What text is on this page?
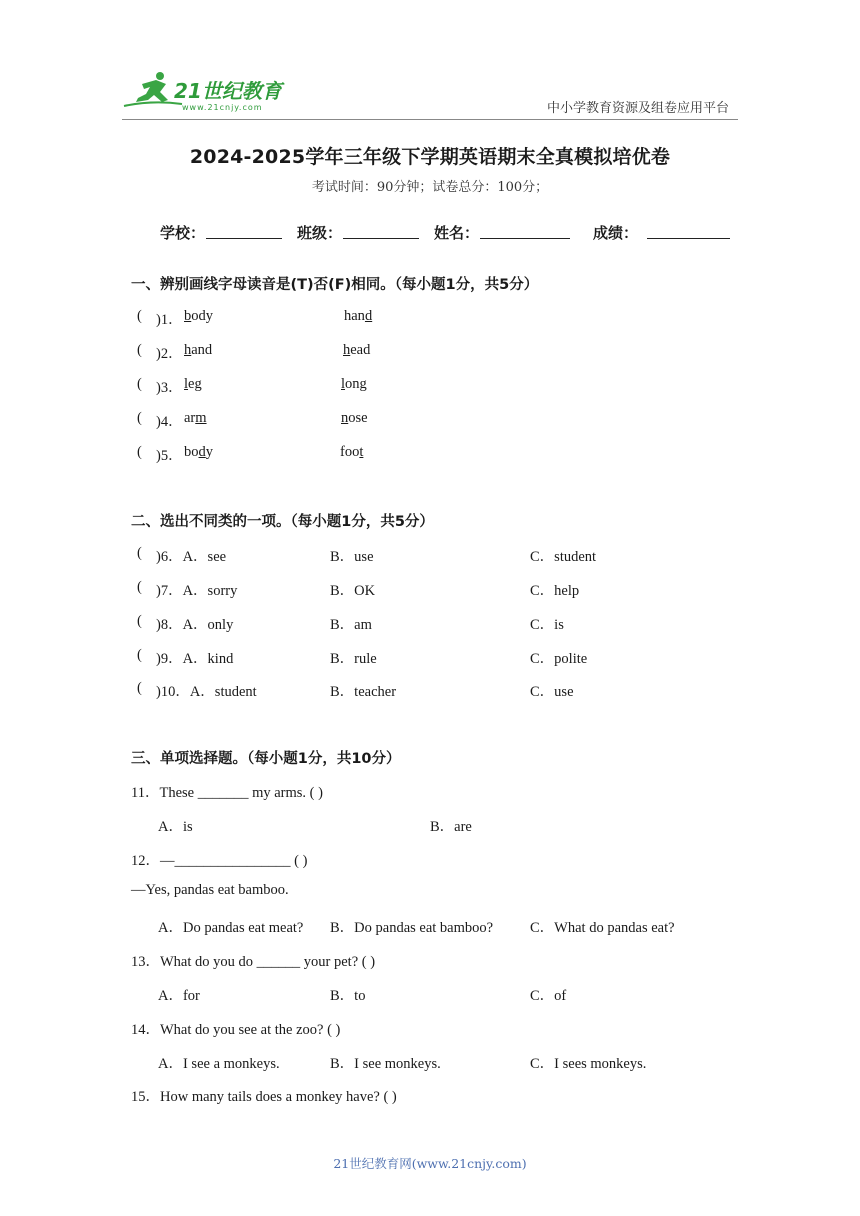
21世纪教育
www.21cnjy.com	中小学教育资源及组卷应用平台
2024-2025学年三年级下学期英语期末全真模拟培优卷
考试时间：90分钟；试卷总分：100分；
学校：	班级：	姓名：	成绩：
一、辨别画线字母读音是(T)否(F)相同。（每小题1分，共5分）
( )1． body	hand
( )2． hand	head
( )3． leg	long
( )4． arm	nose
( )5． body	foot
二、选出不同类的一项。（每小题1分，共5分）
( )6．A．see	B．use	C．student
( )7．A．sorry	B．OK	C．help
( )8．A．only	B．am	C．is
( )9．A．kind	B．rule	C．polite
( )10．A．student	B．teacher	C．use
三、单项选择题。（每小题1分，共10分）
11．These _______ my arms. ( )
A．is	B．are
12．—________________ ( )
—Yes, pandas eat bamboo.
A．Do pandas eat meat? B．Do pandas eat bamboo?	C．What do pandas eat?
13．What do you do ______ your pet? ( )
A．for	B．to	C．of
14．What do you see at the zoo? ( )
A．I see a monkeys.	B．I see monkeys.	C．I sees monkeys.
15．How many tails does a monkey have? ( )
21世纪教育网(www.21cnjy.com)
